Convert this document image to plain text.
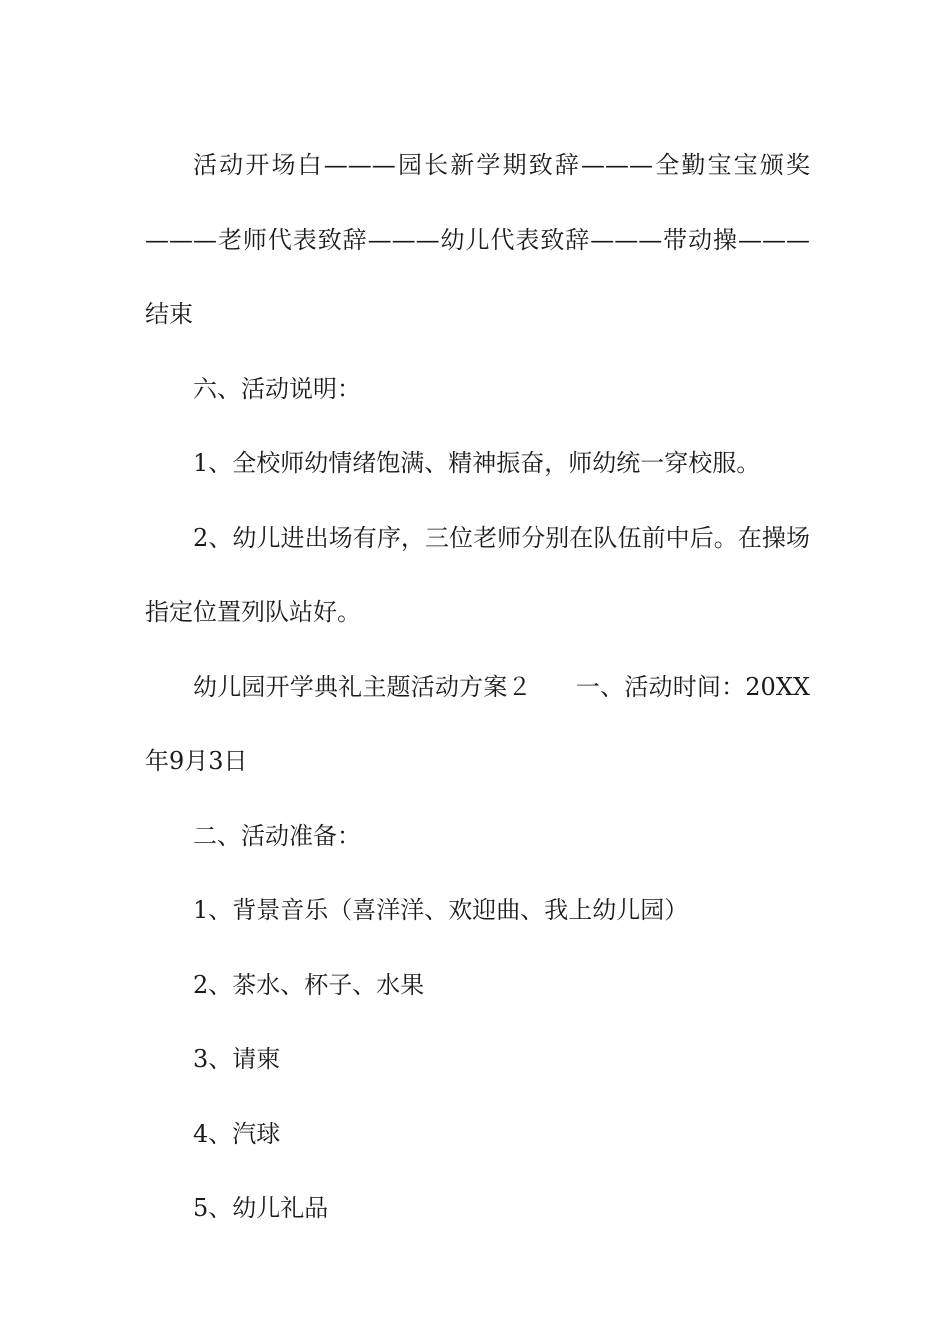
活动开场白———园长新学期致辞———全勤宝宝颁奖———老师代表致辞———幼儿代表致辞———带动操———结束

六、活动说明：

1、全校师幼情绪饱满、精神振奋，师幼统一穿校服。

2、幼儿进出场有序，三位老师分别在队伍前中后。在操场指定位置列队站好。

幼儿园开学典礼主题活动方案２ 一、活动时间：20XX年9月3日

二、活动准备：

1、背景音乐（喜洋洋、欢迎曲、我上幼儿园）

2、茶水、杯子、水果

3、请柬

4、汽球

5、幼儿礼品
